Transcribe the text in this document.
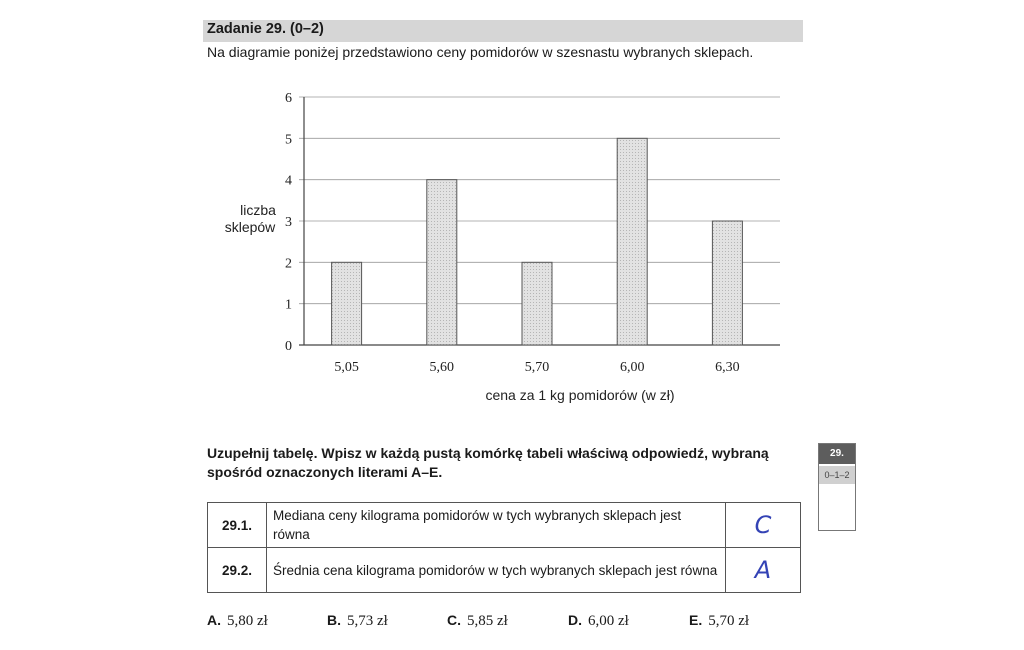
Zadanie 29. (0–2)
Na diagramie poniżej przedstawiono ceny pomidorów w szesnastu wybranych sklepach.
0
1
2
3
4
5
6
5,05	5,60	5,70	6,00	6,30
liczba
sklepów
cena za 1 kg pomidorów (w zł)
Uzupełnij tabelę. Wpisz w każdą pustą komórkę tabeli właściwą odpowiedź, wybraną spośród oznaczonych literami A–E.
29.
0–1–2
29.1.	Mediana ceny kilograma pomidorów w tych wybranych sklepach jest równa	C
29.2.	Średnia cena kilograma pomidorów w tych wybranych sklepach jest równa	A
A. 5,80 zł	B. 5,73 zł	C. 5,85 zł	D. 6,00 zł	E. 5,70 zł
